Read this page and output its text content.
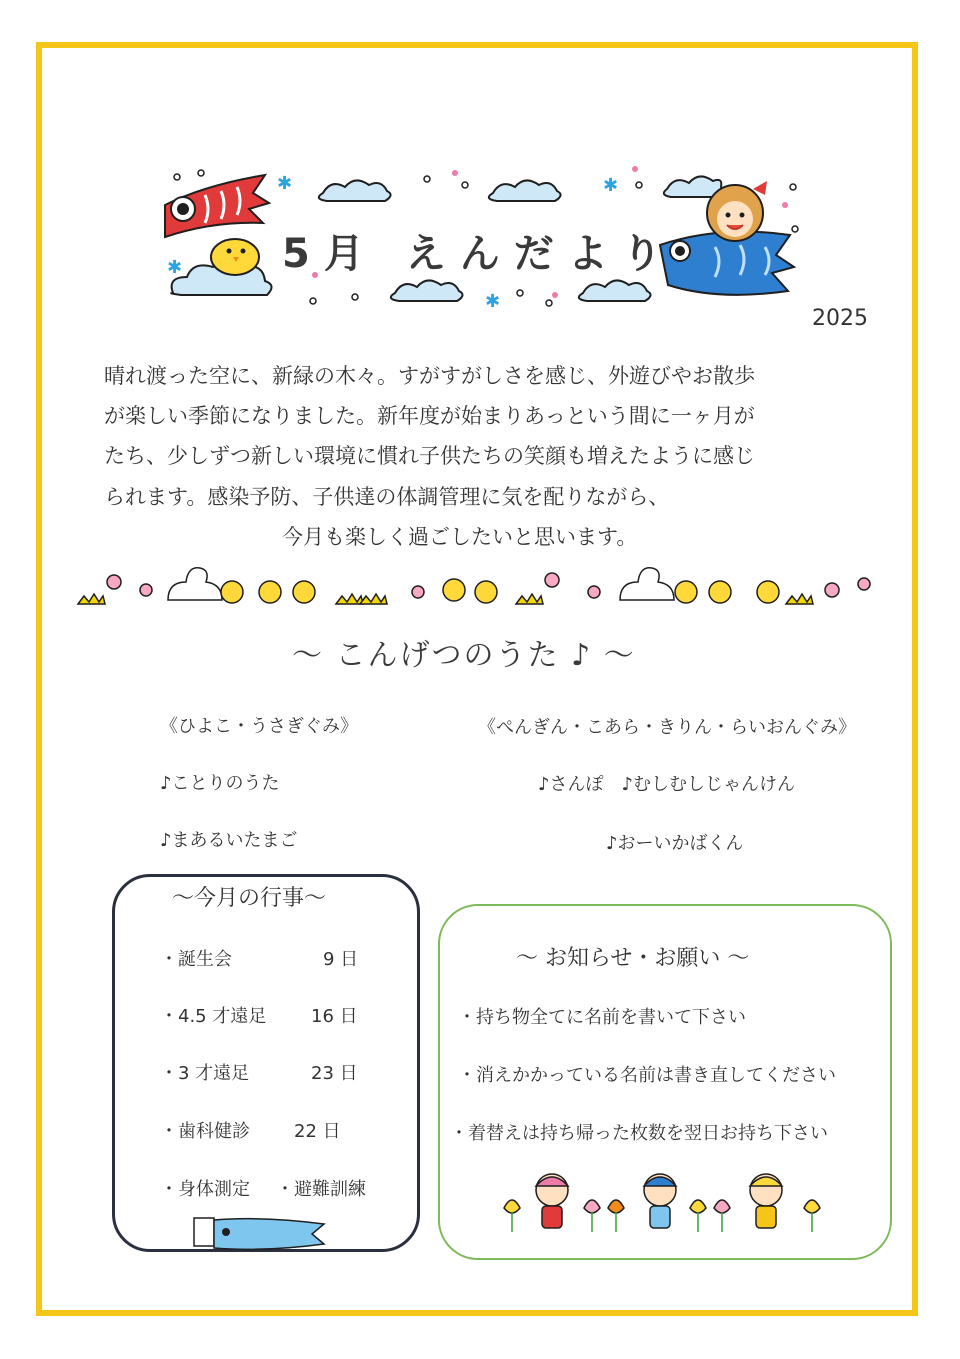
✱	✱
✱
✱
5月 えんだより
2025
晴れ渡った空に、新緑の木々。すがすがしさを感じ、外遊びやお散歩
が楽しい季節になりました。新年度が始まりあっという間に一ヶ月が
たち、少しずつ新しい環境に慣れ子供たちの笑顔も増えたように感じ
られます。感染予防、子供達の体調管理に気を配りながら、
今月も楽しく過ごしたいと思います。
～ こんげつのうた ♪ ～
《ひよこ・うさぎぐみ》
♪ことりのうた
♪まあるいたまご
《ぺんぎん・こあら・きりん・らいおんぐみ》
♪さんぽ　♪むしむしじゃんけん
♪おーいかばくん
～今月の行事～
・誕生会	9 日
・4.5 才遠足 16 日
・3 才遠足	23 日
・歯科健診 22 日
・身体測定 ・避難訓練
～ お知らせ・お願い ～
・持ち物全てに名前を書いて下さい
・消えかかっている名前は書き直してください
・着替えは持ち帰った枚数を翌日お持ち下さい
